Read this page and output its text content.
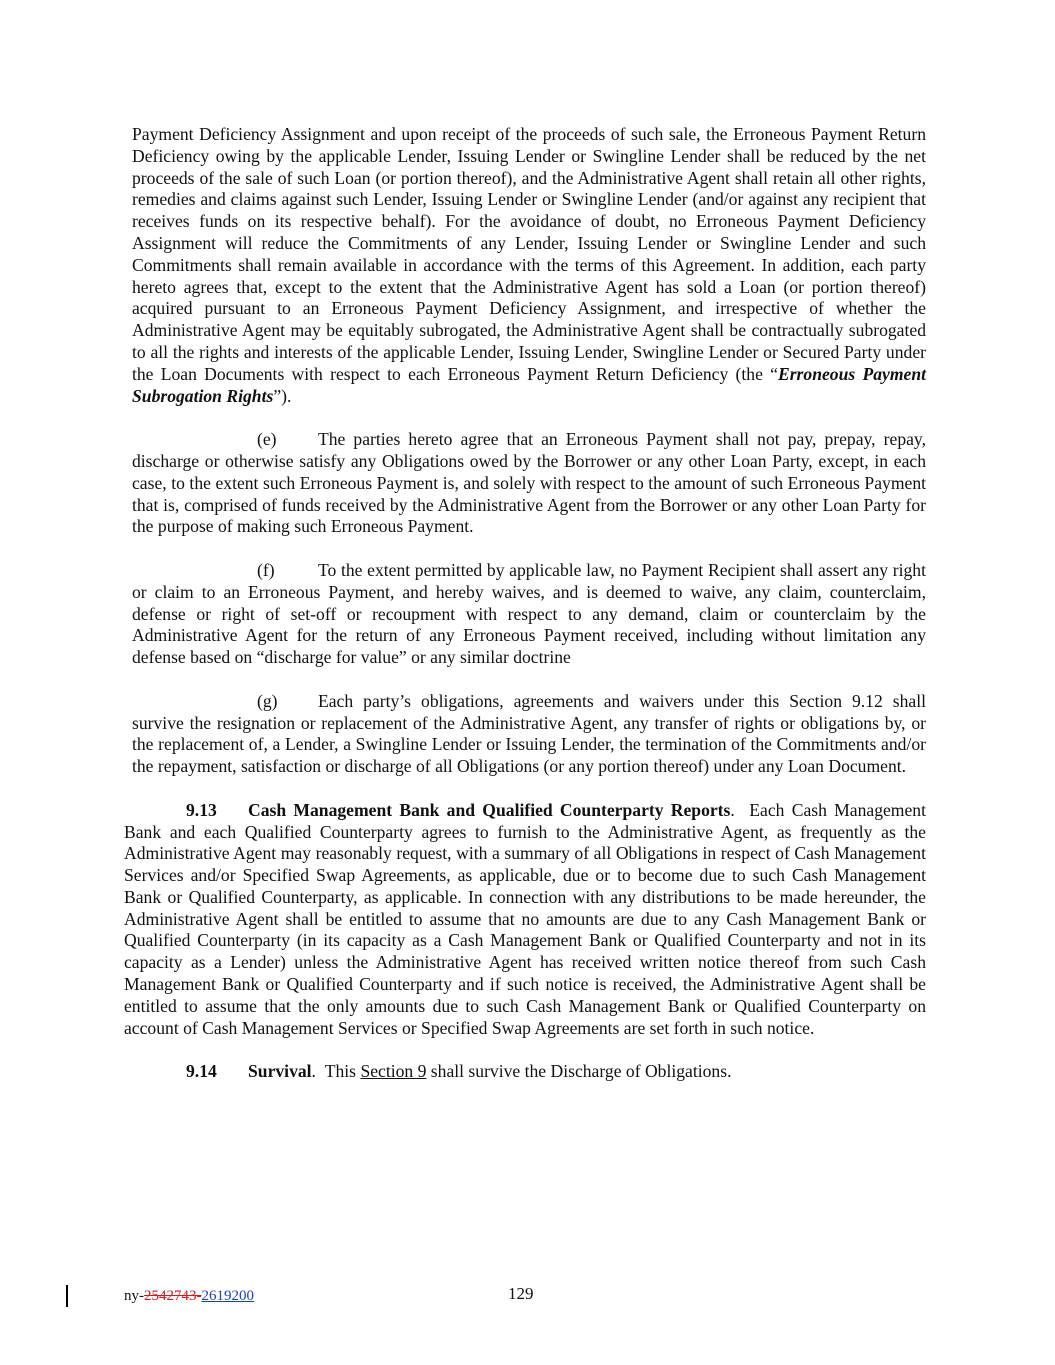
Payment Deficiency Assignment and upon receipt of the proceeds of such sale, the Erroneous Payment Return Deficiency owing by the applicable Lender, Issuing Lender or Swingline Lender shall be reduced by the net proceeds of the sale of such Loan (or portion thereof), and the Administrative Agent shall retain all other rights, remedies and claims against such Lender, Issuing Lender or Swingline Lender (and/or against any recipient that receives funds on its respective behalf). For the avoidance of doubt, no Erroneous Payment Deficiency Assignment will reduce the Commitments of any Lender, Issuing Lender or Swingline Lender and such Commitments shall remain available in accordance with the terms of this Agreement. In addition, each party hereto agrees that, except to the extent that the Administrative Agent has sold a Loan (or portion thereof) acquired pursuant to an Erroneous Payment Deficiency Assignment, and irrespective of whether the Administrative Agent may be equitably subrogated, the Administrative Agent shall be contractually subrogated to all the rights and interests of the applicable Lender, Issuing Lender, Swingline Lender or Secured Party under the Loan Documents with respect to each Erroneous Payment Return Deficiency (the “Erroneous Payment Subrogation Rights”).

(e) The parties hereto agree that an Erroneous Payment shall not pay, prepay, repay, discharge or otherwise satisfy any Obligations owed by the Borrower or any other Loan Party, except, in each case, to the extent such Erroneous Payment is, and solely with respect to the amount of such Erroneous Payment that is, comprised of funds received by the Administrative Agent from the Borrower or any other Loan Party for the purpose of making such Erroneous Payment.

(f) To the extent permitted by applicable law, no Payment Recipient shall assert any right or claim to an Erroneous Payment, and hereby waives, and is deemed to waive, any claim, counterclaim, defense or right of set-off or recoupment with respect to any demand, claim or counterclaim by the Administrative Agent for the return of any Erroneous Payment received, including without limitation any defense based on “discharge for value” or any similar doctrine

(g) Each party’s obligations, agreements and waivers under this Section 9.12 shall survive the resignation or replacement of the Administrative Agent, any transfer of rights or obligations by, or the replacement of, a Lender, a Swingline Lender or Issuing Lender, the termination of the Commitments and/or the repayment, satisfaction or discharge of all Obligations (or any portion thereof) under any Loan Document.

9.13 Cash Management Bank and Qualified Counterparty Reports. Each Cash Management Bank and each Qualified Counterparty agrees to furnish to the Administrative Agent, as frequently as the Administrative Agent may reasonably request, with a summary of all Obligations in respect of Cash Management Services and/or Specified Swap Agreements, as applicable, due or to become due to such Cash Management Bank or Qualified Counterparty, as applicable. In connection with any distributions to be made hereunder, the Administrative Agent shall be entitled to assume that no amounts are due to any Cash Management Bank or Qualified Counterparty (in its capacity as a Cash Management Bank or Qualified Counterparty and not in its capacity as a Lender) unless the Administrative Agent has received written notice thereof from such Cash Management Bank or Qualified Counterparty and if such notice is received, the Administrative Agent shall be entitled to assume that the only amounts due to such Cash Management Bank or Qualified Counterparty on account of Cash Management Services or Specified Swap Agreements are set forth in such notice.

9.14 Survival. This Section 9 shall survive the Discharge of Obligations.

ny-2542743-2619200	129
